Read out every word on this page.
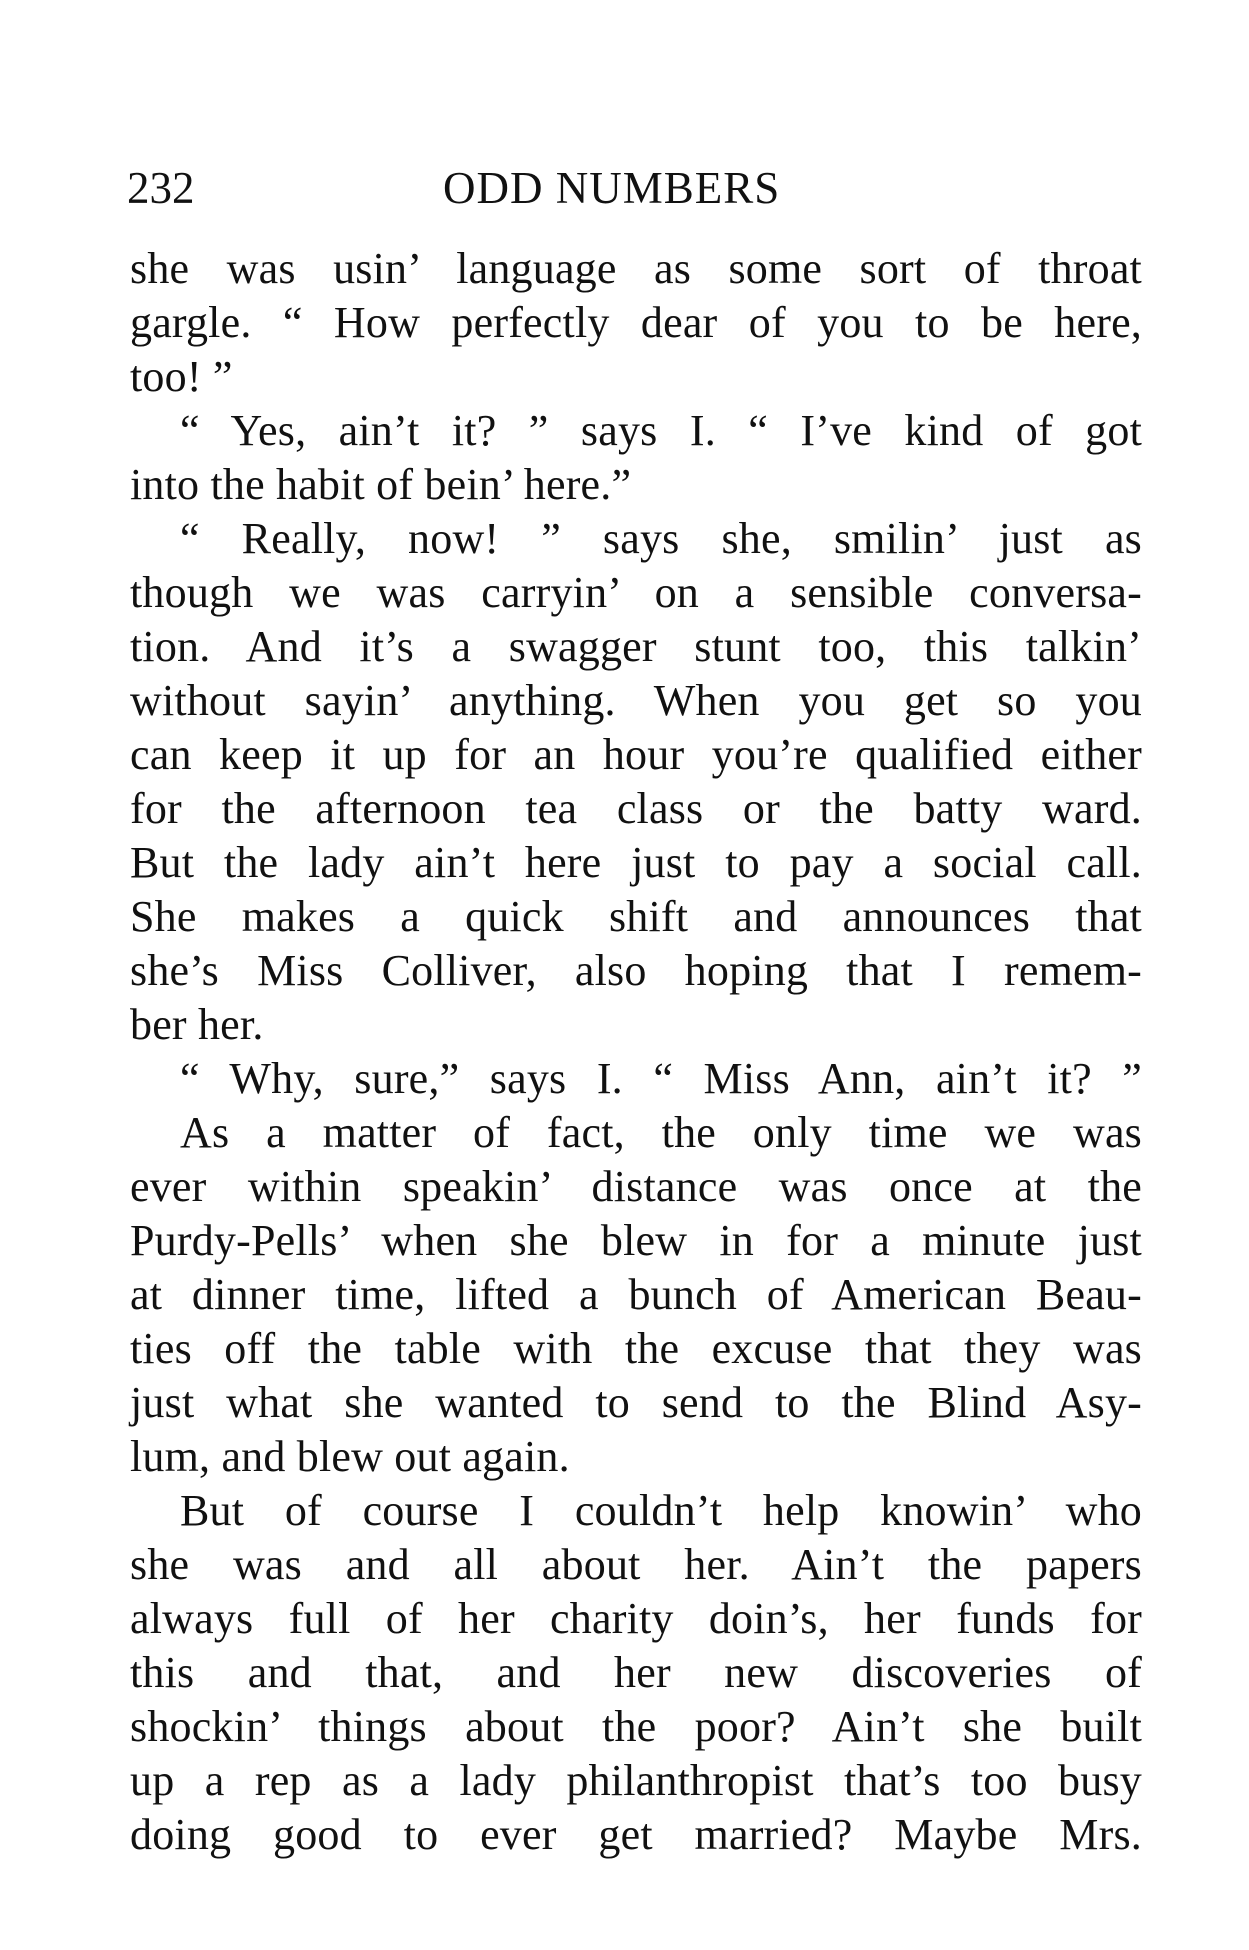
232	ODD NUMBERS
she was usin’ language as some sort of throat
gargle. “ How perfectly dear of you to be here,
too! ”
“ Yes, ain’t it? ” says I. “ I’ve kind of got
into the habit of bein’ here.”
“ Really, now! ” says she, smilin’ just as
though we was carryin’ on a sensible conversa-
tion. And it’s a swagger stunt too, this talkin’
without sayin’ anything. When you get so you
can keep it up for an hour you’re qualified either
for the afternoon tea class or the batty ward.
But the lady ain’t here just to pay a social call.
She makes a quick shift and announces that
she’s Miss Colliver, also hoping that I remem-
ber her.
“ Why, sure,” says I. “ Miss Ann, ain’t it? ”
As a matter of fact, the only time we was
ever within speakin’ distance was once at the
Purdy-Pells’ when she blew in for a minute just
at dinner time, lifted a bunch of American Beau-
ties off the table with the excuse that they was
just what she wanted to send to the Blind Asy-
lum, and blew out again.
But of course I couldn’t help knowin’ who
she was and all about her. Ain’t the papers
always full of her charity doin’s, her funds for
this and that, and her new discoveries of
shockin’ things about the poor? Ain’t she built
up a rep as a lady philanthropist that’s too busy
doing good to ever get married? Maybe Mrs.
